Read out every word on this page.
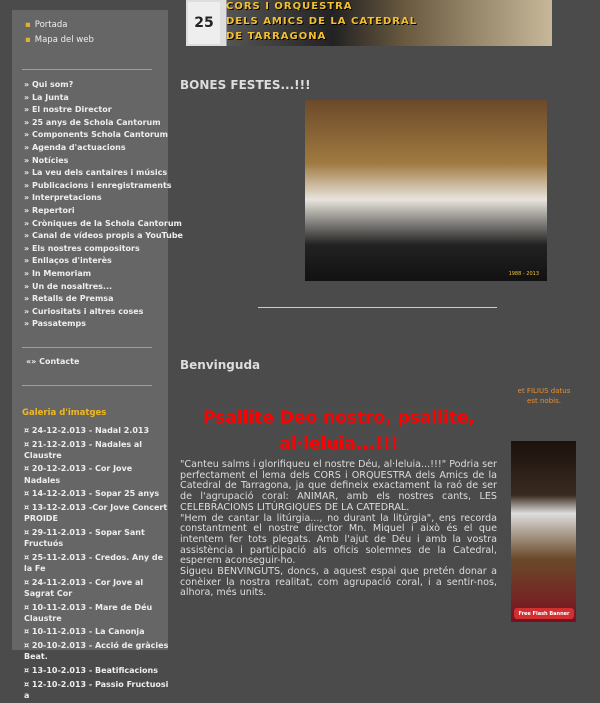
▪ Portada
▪ Mapa del web
» Qui som?
» La Junta
» El nostre Director
» 25 anys de Schola Cantorum
» Components Schola Cantorum
» Agenda d'actuacions
» Notícies
» La veu dels cantaires i músics
» Publicacions i enregistraments
» Interpretacions
» Repertori
» Cròniques de la Schola Cantorum
» Canal de vídeos propis a YouTube
» Els nostres compositors
» Enllaços d'interès
» In Memoriam
» Un de nosaltres...
» Retalls de Premsa
» Curiositats i altres coses
» Passatemps
«» Contacte
Galeria d'imatges
¤ 24-12-2.013 - Nadal 2.013
¤ 21-12-2.013 - Nadales al Claustre
¤ 20-12-2.013 - Cor Jove Nadales
¤ 14-12-2.013 - Sopar 25 anys
¤ 13-12-2.013 -Cor Jove Concert PROIDE
¤ 29-11-2.013 - Sopar Sant Fructuós
¤ 25-11-2.013 - Credos. Any de la Fe
¤ 24-11-2.013 - Cor Jove al Sagrat Cor
¤ 10-11-2.013 - Mare de Déu Claustre
¤ 10-11-2.013 - La Canonja
¤ 20-10-2.013 - Acció de gràcies Beat.
¤ 13-10-2.013 - Beatificacions
¤ 12-10-2.013 - Passio Fructuosi a
25
CORS I ORQUESTRA
DELS AMICS DE LA CATEDRAL
DE TARRAGONA
BONES FESTES...!!!
1988 - 2013
Benvinguda
Psallite Deo nostro, psallite, al·leluia...!!!

"Canteu salms i glorifiqueu el nostre Déu, al·leluia...!!!" Podria ser perfectament el lema dels CORS i ORQUESTRA dels Amics de la Catedral de Tarragona, ja que defineix exactament la raó de ser de l'agrupació coral: ANIMAR, amb els nostres cants, LES CELEBRACIONS LITÚRGIQUES DE LA CATEDRAL.

"Hem de cantar la litúrgia..., no durant la litúrgia", ens recorda constantment el nostre director Mn. Miquel i això és el que intentem fer tots plegats. Amb l'ajut de Déu i amb la vostra assistència i participació als oficis solemnes de la Catedral, esperem aconseguir-ho.

Sigueu BENVINGUTS, doncs, a aquest espai que pretén donar a conèixer la nostra realitat, com agrupació coral, i a sentir-nos, alhora, més units.

et FILIUS datus est nobis.
Free Flash Banner
